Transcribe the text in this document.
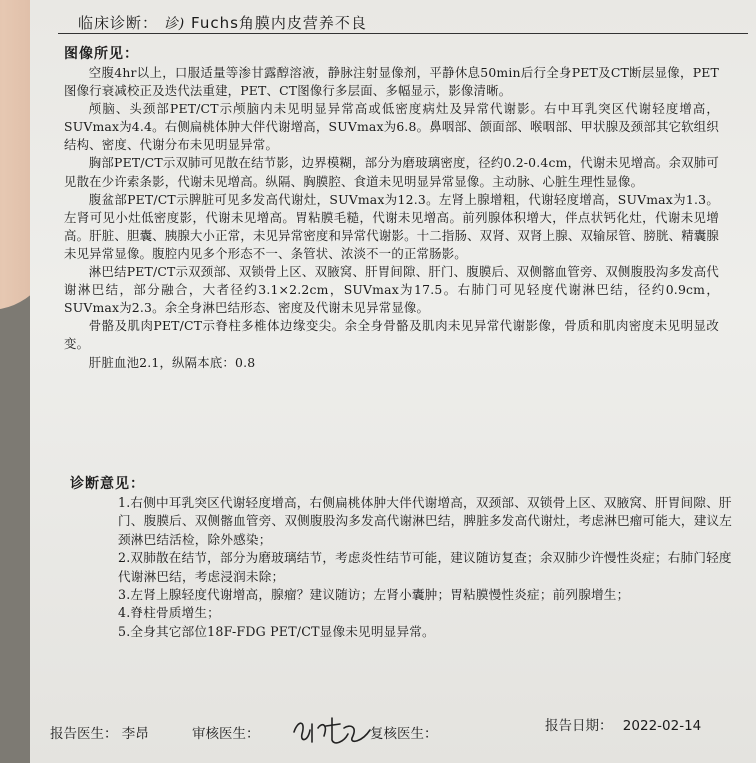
临床诊断： 诊) Fuchs角膜内皮营养不良
图像所见：

空腹4hr以上，口服适量等渗甘露醇溶液，静脉注射显像剂，平静休息50min后行全身PET及CT断层显像，PET图像行衰减校正及迭代法重建，PET、CT图像行多层面、多幅显示，影像清晰。

颅脑、头颈部PET/CT示颅脑内未见明显异常高或低密度病灶及异常代谢影。右中耳乳突区代谢轻度增高，SUVmax为4.4。右侧扁桃体肿大伴代谢增高，SUVmax为6.8。鼻咽部、颌面部、喉咽部、甲状腺及颈部其它软组织结构、密度、代谢分布未见明显异常。

胸部PET/CT示双肺可见散在结节影，边界模糊，部分为磨玻璃密度，径约0.2-0.4cm，代谢未见增高。余双肺可见散在少许索条影，代谢未见增高。纵隔、胸膜腔、食道未见明显异常显像。主动脉、心脏生理性显像。

腹盆部PET/CT示脾脏可见多发高代谢灶，SUVmax为12.3。左肾上腺增粗，代谢轻度增高，SUVmax为1.3。左肾可见小灶低密度影，代谢未见增高。胃粘膜毛糙，代谢未见增高。前列腺体积增大，伴点状钙化灶，代谢未见增高。肝脏、胆囊、胰腺大小正常，未见异常密度和异常代谢影。十二指肠、双肾、双肾上腺、双输尿管、膀胱、精囊腺未见异常显像。腹腔内见多个形态不一、条管状、浓淡不一的正常肠影。

淋巴结PET/CT示双颈部、双锁骨上区、双腋窝、肝胃间隙、肝门、腹膜后、双侧髂血管旁、双侧腹股沟多发高代谢淋巴结，部分融合，大者径约3.1×2.2cm，SUVmax为17.5。右肺门可见轻度代谢淋巴结，径约0.9cm，SUVmax为2.3。余全身淋巴结形态、密度及代谢未见异常显像。

骨骼及肌肉PET/CT示脊柱多椎体边缘变尖。余全身骨骼及肌肉未见异常代谢影像，骨质和肌肉密度未见明显改变。

肝脏血池2.1，纵隔本底：0.8

诊断意见：
1.右侧中耳乳突区代谢轻度增高，右侧扁桃体肿大伴代谢增高，双颈部、双锁骨上区、双腋窝、肝胃间隙、肝门、腹膜后、双侧髂血管旁、双侧腹股沟多发高代谢淋巴结，脾脏多发高代谢灶，考虑淋巴瘤可能大，建议左颈淋巴结活检，除外感染；
2.双肺散在结节，部分为磨玻璃结节，考虑炎性结节可能，建议随访复查；余双肺少许慢性炎症；右肺门轻度代谢淋巴结，考虑浸润未除；
3.左肾上腺轻度代谢增高，腺瘤？建议随访；左肾小囊肿；胃粘膜慢性炎症；前列腺增生；
4.脊柱骨质增生；
5.全身其它部位18F-FDG PET/CT显像未见明显异常。
报告医生： 李昂	审核医生：	复核医生：	报告日期： 2022-02-14
